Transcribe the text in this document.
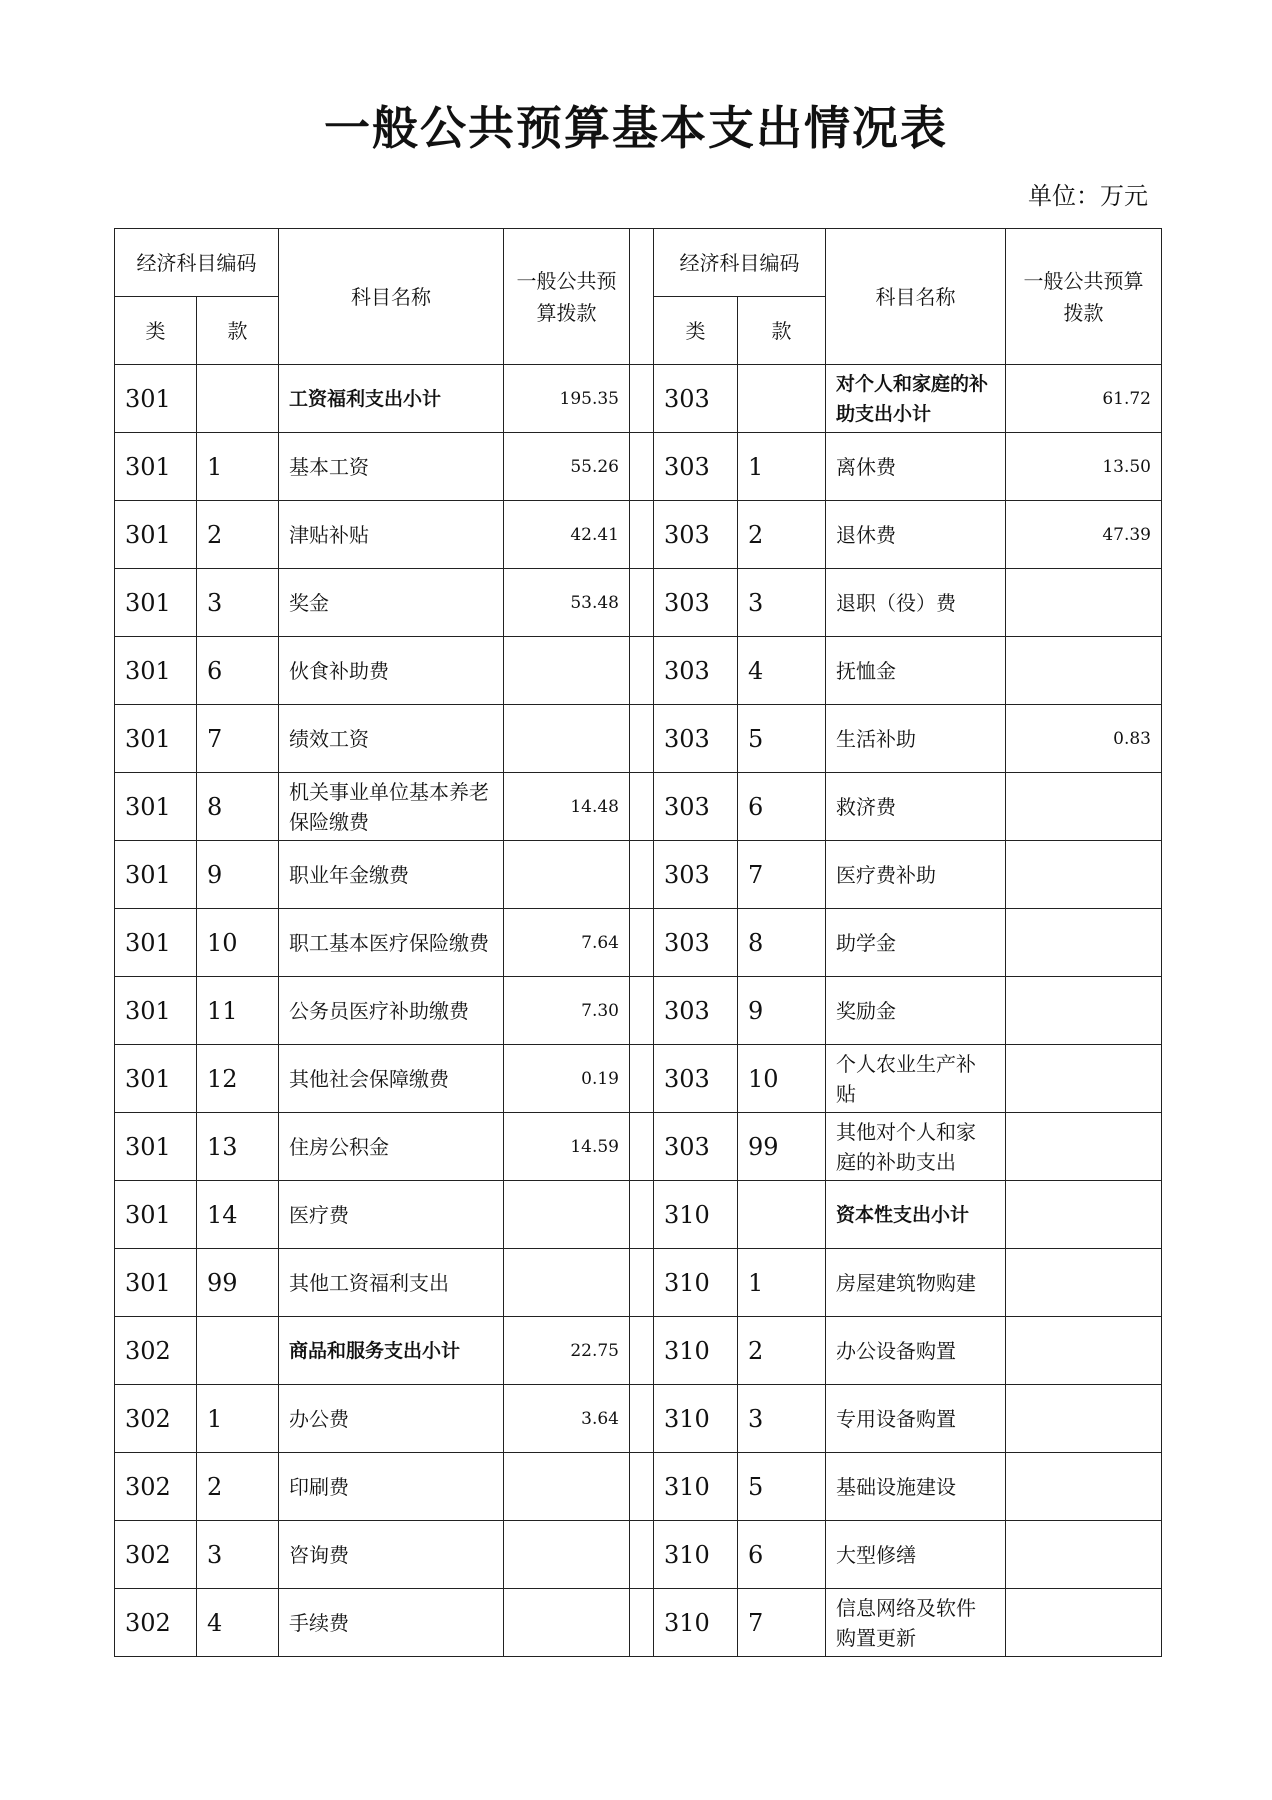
一般公共预算基本支出情况表
单位：万元
经济科目编码		科目名称	一般公共预算拨款		经济科目编码		科目名称	一般公共预算拨款
类	款				类	款		
301		工资福利支出小计	195.35		303		对个人和家庭的补助支出小计	61.72
301	1	基本工资	55.26		303	1	离休费	13.50
301	2	津贴补贴	42.41		303	2	退休费	47.39
301	3	奖金	53.48		303	3	退职（役）费	
301	6	伙食补助费			303	4	抚恤金	
301	7	绩效工资			303	5	生活补助	0.83
301	8	机关事业单位基本养老保险缴费	14.48		303	6	救济费	
301	9	职业年金缴费			303	7	医疗费补助	
301	10	职工基本医疗保险缴费	7.64		303	8	助学金	
301	11	公务员医疗补助缴费	7.30		303	9	奖励金	
301	12	其他社会保障缴费	0.19		303	10	个人农业生产补贴	
301	13	住房公积金	14.59		303	99	其他对个人和家庭的补助支出	
301	14	医疗费			310		资本性支出小计	
301	99	其他工资福利支出			310	1	房屋建筑物购建	
302		商品和服务支出小计	22.75		310	2	办公设备购置	
302	1	办公费	3.64		310	3	专用设备购置	
302	2	印刷费			310	5	基础设施建设	
302	3	咨询费			310	6	大型修缮	
302	4	手续费			310	7	信息网络及软件购置更新	
